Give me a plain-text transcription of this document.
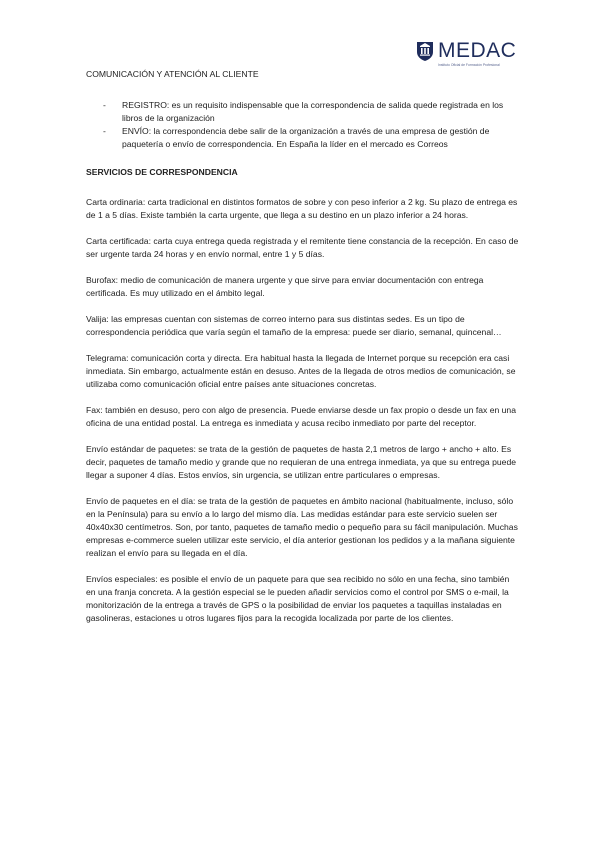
MEDAC
Instituto Oficial de Formación Profesional
COMUNICACIÓN Y ATENCIÓN AL CLIENTE
- REGISTRO: es un requisito indispensable que la correspondencia de salida quede registrada en los libros de la organización
- ENVÍO: la correspondencia debe salir de la organización a través de una empresa de gestión de paquetería o envío de correspondencia. En España la líder en el mercado es Correos
SERVICIOS DE CORRESPONDENCIA

Carta ordinaria: carta tradicional en distintos formatos de sobre y con peso inferior a 2 kg. Su plazo de entrega es de 1 a 5 días. Existe también la carta urgente, que llega a su destino en un plazo inferior a 24 horas.

Carta certificada: carta cuya entrega queda registrada y el remitente tiene constancia de la recepción. En caso de ser urgente tarda 24 horas y en envío normal, entre 1 y 5 días.

Burofax: medio de comunicación de manera urgente y que sirve para enviar documentación con entrega certificada. Es muy utilizado en el ámbito legal.

Valija: las empresas cuentan con sistemas de correo interno para sus distintas sedes. Es un tipo de correspondencia periódica que varía según el tamaño de la empresa: puede ser diario, semanal, quincenal…

Telegrama: comunicación corta y directa. Era habitual hasta la llegada de Internet porque su recepción era casi inmediata. Sin embargo, actualmente están en desuso. Antes de la llegada de otros medios de comunicación, se utilizaba como comunicación oficial entre países ante situaciones concretas.

Fax: también en desuso, pero con algo de presencia. Puede enviarse desde un fax propio o desde un fax en una oficina de una entidad postal. La entrega es inmediata y acusa recibo inmediato por parte del receptor.

Envío estándar de paquetes: se trata de la gestión de paquetes de hasta 2,1 metros de largo + ancho + alto. Es decir, paquetes de tamaño medio y grande que no requieran de una entrega inmediata, ya que su entrega puede llegar a suponer 4 días. Estos envíos, sin urgencia, se utilizan entre particulares o empresas.

Envío de paquetes en el día: se trata de la gestión de paquetes en ámbito nacional (habitualmente, incluso, sólo en la Península) para su envío a lo largo del mismo día. Las medidas estándar para este servicio suelen ser 40x40x30 centímetros. Son, por tanto, paquetes de tamaño medio o pequeño para su fácil manipulación. Muchas empresas e-commerce suelen utilizar este servicio, el día anterior gestionan los pedidos y a la mañana siguiente realizan el envío para su llegada en el día.

Envíos especiales: es posible el envío de un paquete para que sea recibido no sólo en una fecha, sino también en una franja concreta. A la gestión especial se le pueden añadir servicios como el control por SMS o e-mail, la monitorización de la entrega a través de GPS o la posibilidad de enviar los paquetes a taquillas instaladas en gasolineras, estaciones u otros lugares fijos para la recogida localizada por parte de los clientes.
